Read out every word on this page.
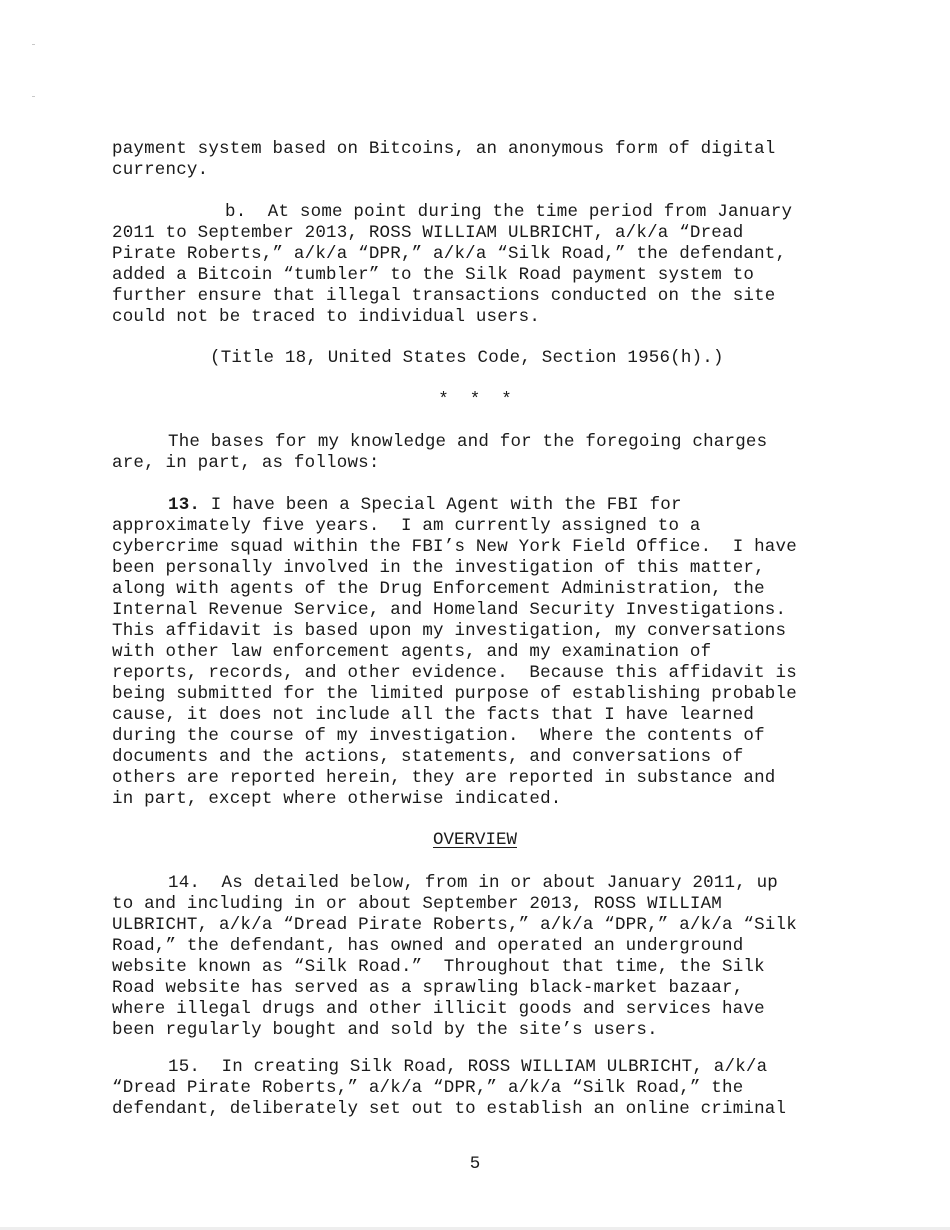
payment system based on Bitcoins, an anonymous form of digital
currency.
b.  At some point during the time period from January
2011 to September 2013, ROSS WILLIAM ULBRICHT, a/k/a “Dread
Pirate Roberts,” a/k/a “DPR,” a/k/a “Silk Road,” the defendant,
added a Bitcoin “tumbler” to the Silk Road payment system to
further ensure that illegal transactions conducted on the site
could not be traced to individual users.
(Title 18, United States Code, Section 1956(h).)
*  *  *
The bases for my knowledge and for the foregoing charges
are, in part, as follows:
13. I have been a Special Agent with the FBI for
approximately five years.  I am currently assigned to a
cybercrime squad within the FBI’s New York Field Office.  I have
been personally involved in the investigation of this matter,
along with agents of the Drug Enforcement Administration, the
Internal Revenue Service, and Homeland Security Investigations.
This affidavit is based upon my investigation, my conversations
with other law enforcement agents, and my examination of
reports, records, and other evidence.  Because this affidavit is
being submitted for the limited purpose of establishing probable
cause, it does not include all the facts that I have learned
during the course of my investigation.  Where the contents of
documents and the actions, statements, and conversations of
others are reported herein, they are reported in substance and
in part, except where otherwise indicated.
OVERVIEW
14.  As detailed below, from in or about January 2011, up
to and including in or about September 2013, ROSS WILLIAM
ULBRICHT, a/k/a “Dread Pirate Roberts,” a/k/a “DPR,” a/k/a “Silk
Road,” the defendant, has owned and operated an underground
website known as “Silk Road.”  Throughout that time, the Silk
Road website has served as a sprawling black-market bazaar,
where illegal drugs and other illicit goods and services have
been regularly bought and sold by the site’s users.
15.  In creating Silk Road, ROSS WILLIAM ULBRICHT, a/k/a
“Dread Pirate Roberts,” a/k/a “DPR,” a/k/a “Silk Road,” the
defendant, deliberately set out to establish an online criminal
5
